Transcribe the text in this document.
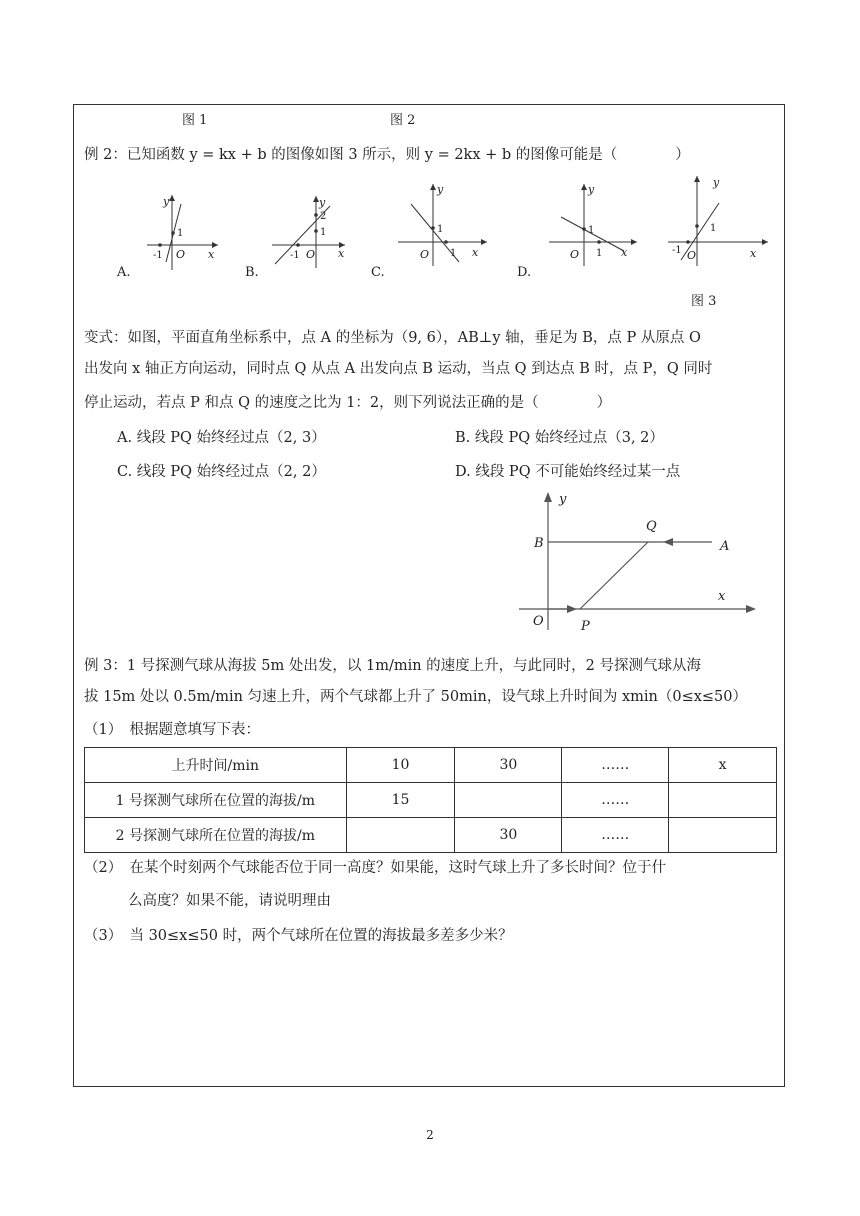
图 1	图 2
例 2：已知函数 y = kx + b 的图像如图 3 所示，则 y = 2kx + b 的图像可能是（　　　　）
y
1
-1 O x
y
2
1
-1 O x
y
1
O 1 x
y
1
O 1 x
y
1
-1 O	x
A.	B.	C.	D.
图 3
变式：如图，平面直角坐标系中，点 A 的坐标为（9, 6），AB⊥y 轴，垂足为 B，点 P 从原点 O
出发向 x 轴正方向运动，同时点 Q 从点 A 出发向点 B 运动，当点 Q 到达点 B 时，点 P，Q 同时
停止运动，若点 P 和点 Q 的速度之比为 1：2，则下列说法正确的是（　　　　）
A. 线段 PQ 始终经过点（2, 3）	B. 线段 PQ 始终经过点（3, 2）
C. 线段 PQ 始终经过点（2, 2）	D. 线段 PQ 不可能始终经过某一点
y
x
B
Q
A
O	P
例 3：1 号探测气球从海拔 5m 处出发，以 1m/min 的速度上升，与此同时，2 号探测气球从海
拔 15m 处以 0.5m/min 匀速上升，两个气球都上升了 50min，设气球上升时间为 xmin（0≤x≤50）
（1）　根据题意填写下表：
上升时间/min	10	30	……	x
1 号探测气球所在位置的海拔/m	15		……	
2 号探测气球所在位置的海拔/m		30	……	
（2）　在某个时刻两个气球能否位于同一高度？如果能，这时气球上升了多长时间？位于什
么高度？如果不能，请说明理由
（3）　当 30≤x≤50 时，两个气球所在位置的海拔最多差多少米？
2
